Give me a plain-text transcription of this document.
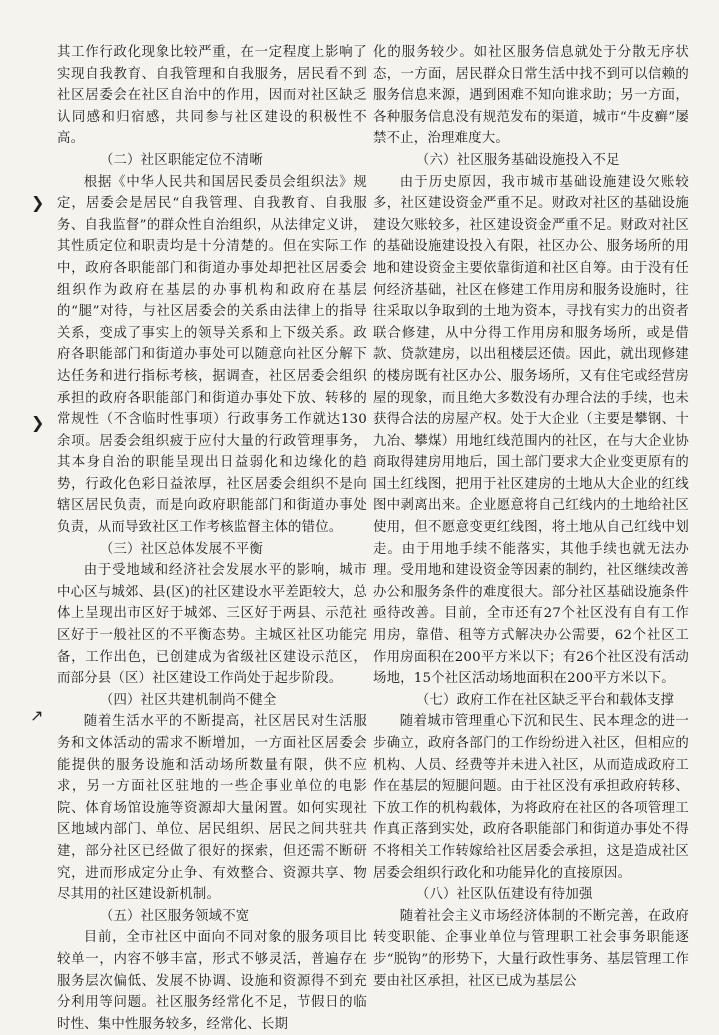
❯
❯
↗

其工作行政化现象比较严重，在一定程度上影响了实现自我教育、自我管理和自我服务，居民看不到社区居委会在社区自治中的作用，因而对社区缺乏认同感和归宿感，共同参与社区建设的积极性不高。

（二）社区职能定位不清晰

根据《中华人民共和国居民委员会组织法》规定，居委会是居民“自我管理、自我教育、自我服务、自我监督”的群众性自治组织，从法律定义讲，其性质定位和职责均是十分清楚的。但在实际工作中，政府各职能部门和街道办事处却把社区居委会组织作为政府在基层的办事机构和政府在基层的“腿”对待，与社区居委会的关系由法律上的指导关系，变成了事实上的领导关系和上下级关系。政府各职能部门和街道办事处可以随意向社区分解下达任务和进行指标考核，据调查，社区居委会组织承担的政府各职能部门和街道办事处下放、转移的常规性（不含临时性事项）行政事务工作就达130余项。居委会组织疲于应付大量的行政管理事务，其本身自治的职能呈现出日益弱化和边缘化的趋势，行政化色彩日益浓厚，社区居委会组织不是向辖区居民负责，而是向政府职能部门和街道办事处负责，从而导致社区工作考核监督主体的错位。

（三）社区总体发展不平衡

由于受地域和经济社会发展水平的影响，城市中心区与城郊、县(区)的社区建设水平差距较大，总体上呈现出市区好于城郊、三区好于两县、示范社区好于一般社区的不平衡态势。主城区社区功能完备，工作出色，已创建成为省级社区建设示范区，而部分县（区）社区建设工作尚处于起步阶段。

（四）社区共建机制尚不健全

随着生活水平的不断提高，社区居民对生活服务和文体活动的需求不断增加，一方面社区居委会能提供的服务设施和活动场所数量有限，供不应求，另一方面社区驻地的一些企事业单位的电影院、体育场馆设施等资源却大量闲置。如何实现社区地域内部门、单位、居民组织、居民之间共驻共建，部分社区已经做了很好的探索，但还需不断研究，进而形成定分止争、有效整合、资源共享、物尽其用的社区建设新机制。

（五）社区服务领域不宽

目前，全市社区中面向不同对象的服务项目比较单一，内容不够丰富，形式不够灵活，普遍存在服务层次偏低、发展不协调、设施和资源得不到充分利用等问题。社区服务经常化不足，节假日的临时性、集中性服务较多，经常化、长期

化的服务较少。如社区服务信息就处于分散无序状态，一方面，居民群众日常生活中找不到可以信赖的服务信息来源，遇到困难不知向谁求助；另一方面，各种服务信息没有规范发布的渠道，城市“牛皮癣”屡禁不止，治理难度大。

（六）社区服务基础设施投入不足

由于历史原因，我市城市基础设施建设欠账较多，社区建设资金严重不足。财政对社区的基础设施建设欠账较多，社区建设资金严重不足。财政对社区的基础设施建设投入有限，社区办公、服务场所的用地和建设资金主要依靠街道和社区自筹。由于没有任何经济基础，社区在修建工作用房和服务设施时，往往采取以争取到的土地为资本，寻找有实力的出资者联合修建，从中分得工作用房和服务场所，或是借款、贷款建房，以出租楼层还债。因此，就出现修建的楼房既有社区办公、服务场所，又有住宅或经营房屋的现象，而且绝大多数没有办理合法的手续，也未获得合法的房屋产权。处于大企业（主要是攀钢、十九冶、攀煤）用地红线范围内的社区，在与大企业协商取得建房用地后，国土部门要求大企业变更原有的国土红线图，把用于社区建房的土地从大企业的红线图中剥离出来。企业愿意将自己红线内的土地给社区使用，但不愿意变更红线图，将土地从自己红线中划走。由于用地手续不能落实，其他手续也就无法办理。受用地和建设资金等因素的制约，社区继续改善办公和服务条件的难度很大。部分社区基础设施条件亟待改善。目前，全市还有27个社区没有自有工作用房，靠借、租等方式解决办公需要，62个社区工作用房面积在200平方米以下；有26个社区没有活动场地，15个社区活动场地面积在200平方米以下。

（七）政府工作在社区缺乏平台和载体支撑

随着城市管理重心下沉和民生、民本理念的进一步确立，政府各部门的工作纷纷进入社区，但相应的机构、人员、经费等并未进入社区，从而造成政府工作在基层的短腿问题。由于社区没有承担政府转移、下放工作的机构载体，为将政府在社区的各项管理工作真正落到实处，政府各职能部门和街道办事处不得不将相关工作转嫁给社区居委会承担，这是造成社区居委会组织行政化和功能异化的直接原因。

（八）社区队伍建设有待加强

随着社会主义市场经济体制的不断完善，在政府转变职能、企事业单位与管理职工社会事务职能逐步“脱钩”的形势下，大量行政性事务、基层管理工作要由社区承担，社区已成为基层公
